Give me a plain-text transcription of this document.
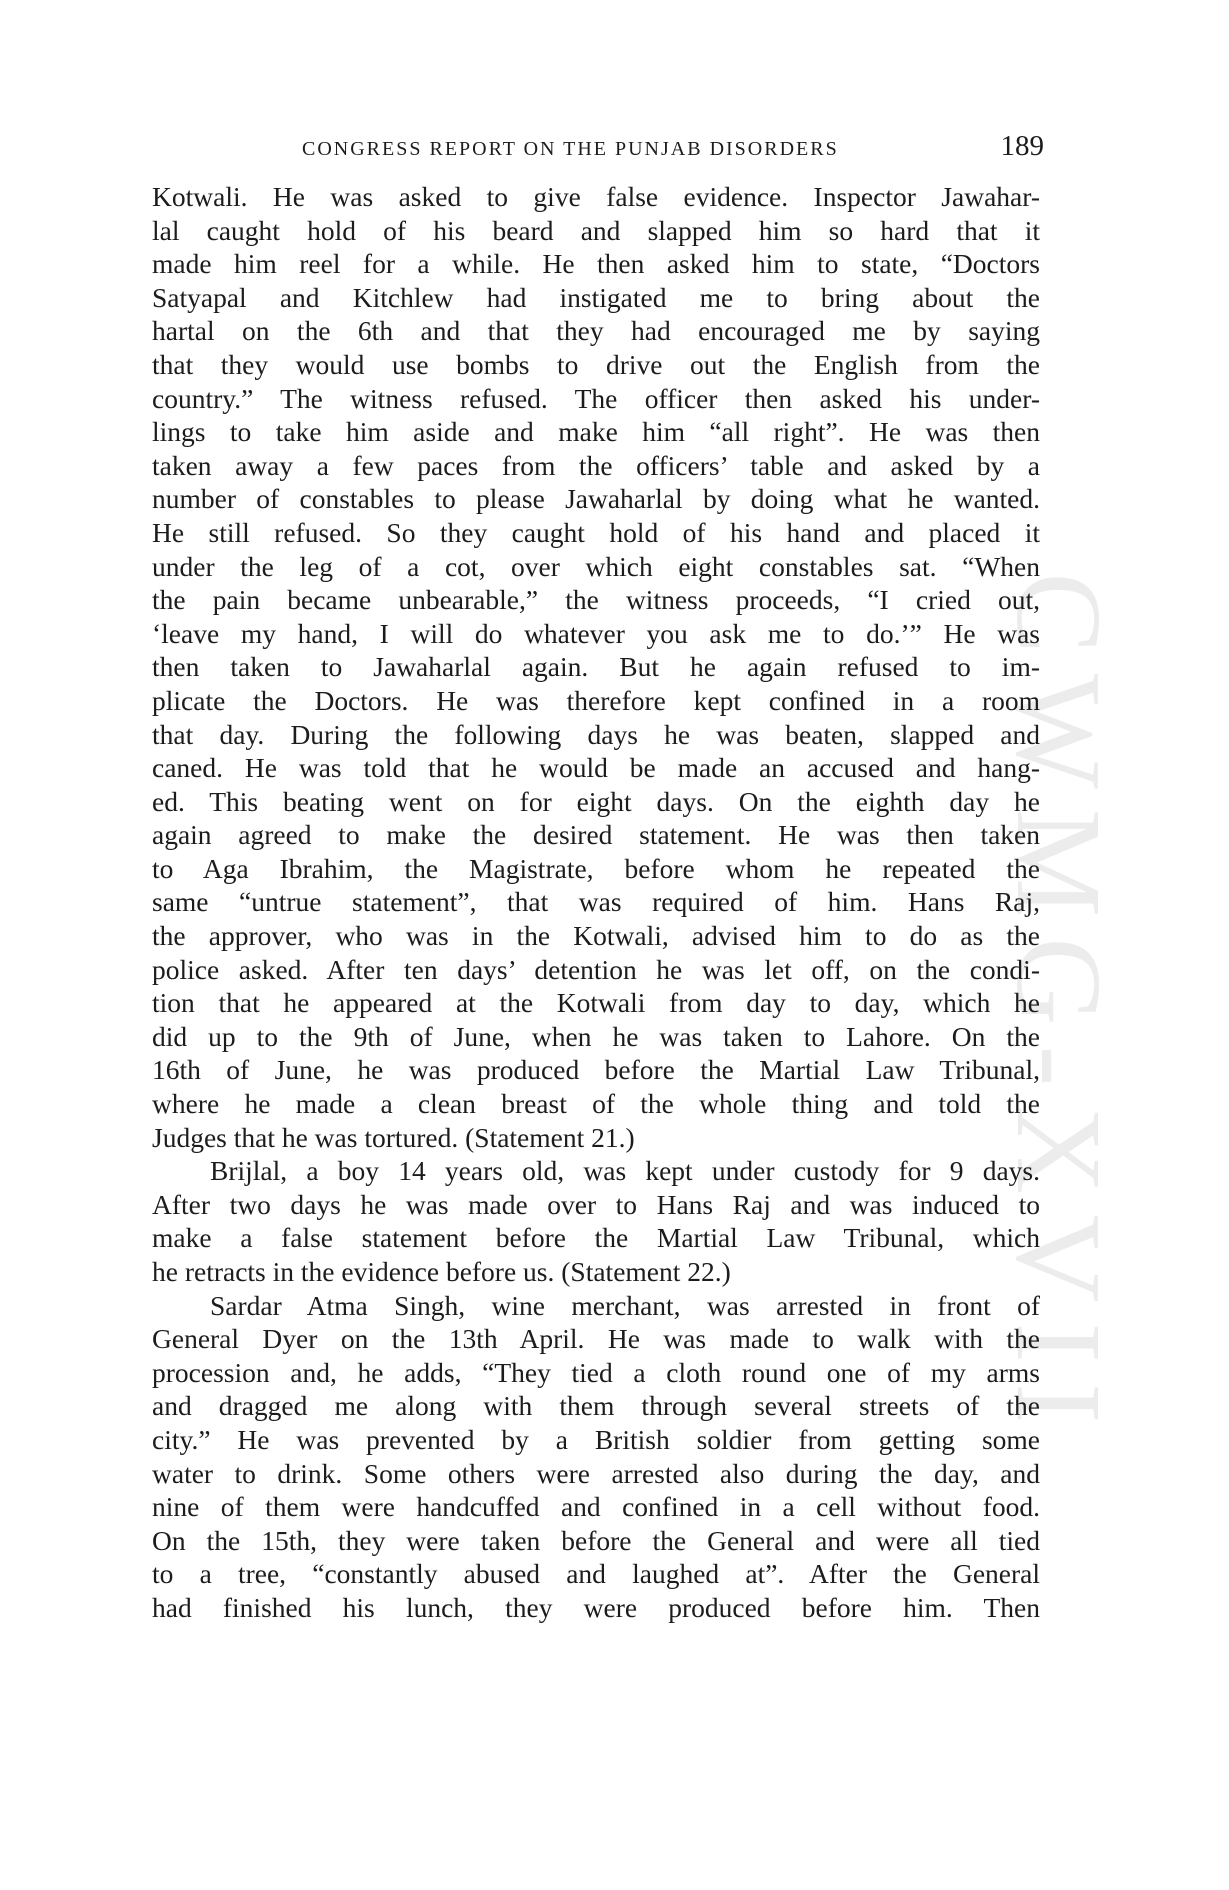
CWMG-XVII
CONGRESS REPORT ON THE PUNJAB DISORDERS	189
Kotwali. He was asked to give false evidence. Inspector Jawahar-
lal caught hold of his beard and slapped him so hard that it
made him reel for a while. He then asked him to state, “Doctors
Satyapal and Kitchlew had instigated me to bring about the
hartal on the 6th and that they had encouraged me by saying
that they would use bombs to drive out the English from the
country.” The witness refused. The officer then asked his under-
lings to take him aside and make him “all right”. He was then
taken away a few paces from the officers’ table and asked by a
number of constables to please Jawaharlal by doing what he wanted.
He still refused. So they caught hold of his hand and placed it
under the leg of a cot, over which eight constables sat. “When
the pain became unbearable,” the witness proceeds, “I cried out,
‘leave my hand, I will do whatever you ask me to do.’” He was
then taken to Jawaharlal again. But he again refused to im-
plicate the Doctors. He was therefore kept confined in a room
that day. During the following days he was beaten, slapped and
caned. He was told that he would be made an accused and hang-
ed. This beating went on for eight days. On the eighth day he
again agreed to make the desired statement. He was then taken
to Aga Ibrahim, the Magistrate, before whom he repeated the
same “untrue statement”, that was required of him. Hans Raj,
the approver, who was in the Kotwali, advised him to do as the
police asked. After ten days’ detention he was let off, on the condi-
tion that he appeared at the Kotwali from day to day, which he
did up to the 9th of June, when he was taken to Lahore. On the
16th of June, he was produced before the Martial Law Tribunal,
where he made a clean breast of the whole thing and told the
Judges that he was tortured. (Statement 21.)
Brijlal, a boy 14 years old, was kept under custody for 9 days.
After two days he was made over to Hans Raj and was induced to
make a false statement before the Martial Law Tribunal, which
he retracts in the evidence before us. (Statement 22.)
Sardar Atma Singh, wine merchant, was arrested in front of
General Dyer on the 13th April. He was made to walk with the
procession and, he adds, “They tied a cloth round one of my arms
and dragged me along with them through several streets of the
city.” He was prevented by a British soldier from getting some
water to drink. Some others were arrested also during the day, and
nine of them were handcuffed and confined in a cell without food.
On the 15th, they were taken before the General and were all tied
to a tree, “constantly abused and laughed at”. After the General
had finished his lunch, they were produced before him. Then
